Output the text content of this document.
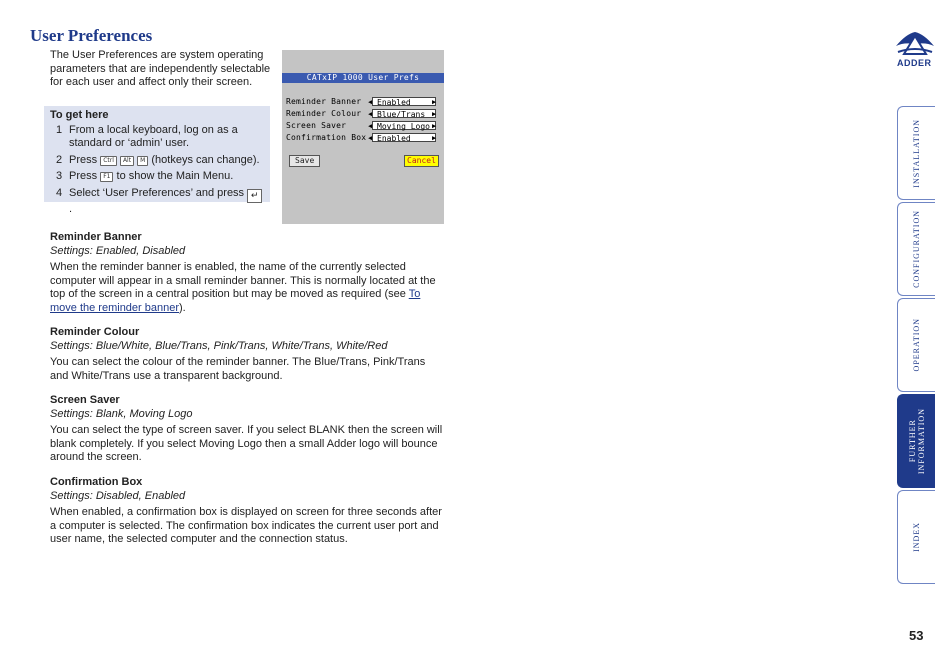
User Preferences

The User Preferences are system operating parameters that are independently selectable for each user and affect only their screen.

To get here
1 From a local keyboard, log on as a standard or ‘admin’ user.
2 Press Ctrl Alt M (hotkeys can change).
3 Press F1 to show the Main Menu.
4 Select ‘User Preferences’ and press ↵.
CATxIP 1000 User Prefs
Reminder Banner ◀ Enabled	▶
Reminder Colour ◀ Blue/Trans ▶
Screen Saver	◀ Moving Logo ▶
Confirmation Box ◀ Enabled	▶
Save	Cancel

Reminder Banner

Settings: Enabled, Disabled

When the reminder banner is enabled, the name of the currently selected computer will appear in a small reminder banner. This is normally located at the top of the screen in a central position but may be moved as required (see To move the reminder banner).

Reminder Colour

Settings: Blue/White, Blue/Trans, Pink/Trans, White/Trans, White/Red

You can select the colour of the reminder banner. The Blue/Trans, Pink/Trans and White/Trans use a transparent background.

Screen Saver

Settings: Blank, Moving Logo

You can select the type of screen saver. If you select BLANK then the screen will blank completely. If you select Moving Logo then a small Adder logo will bounce around the screen.

Confirmation Box

Settings: Disabled, Enabled

When enabled, a confirmation box is displayed on screen for three seconds after a computer is selected. The confirmation box indicates the current user port and user name, the selected computer and the connection status.

ADDER
INSTALLATION
CONFIGURATION
OPERATION
FURTHER
INFORMATION
INDEX
53
